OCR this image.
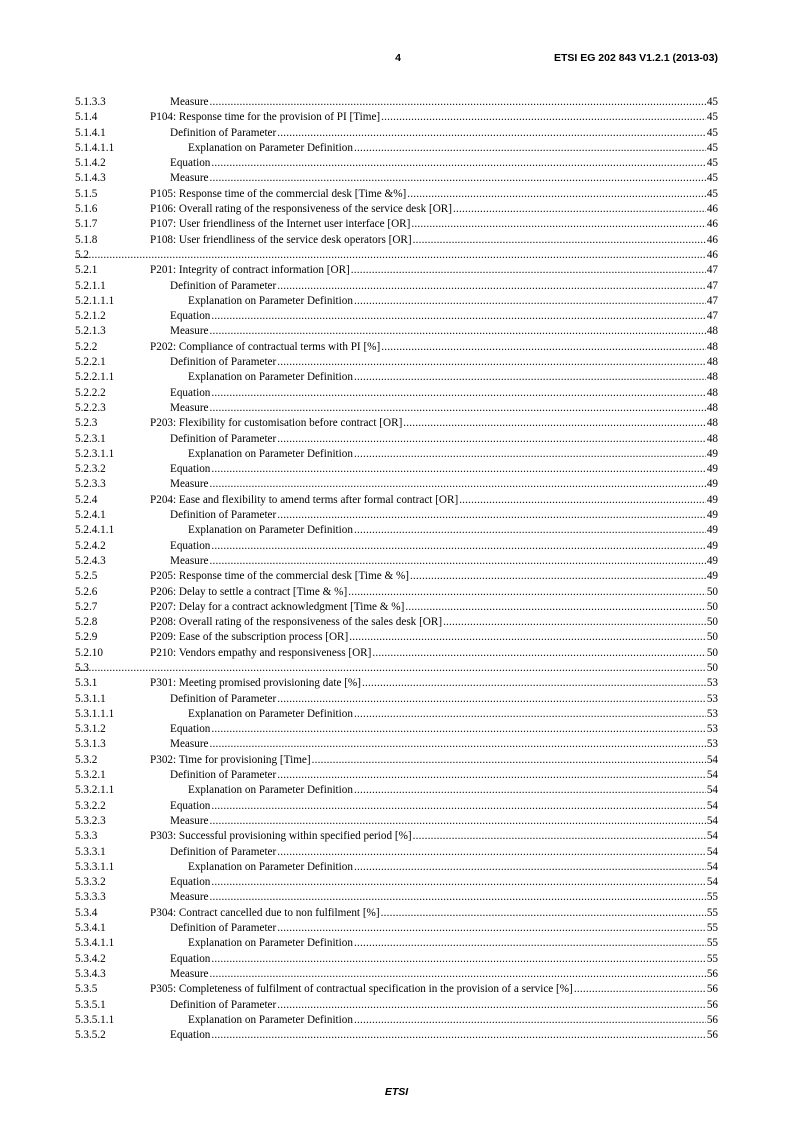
4	ETSI EG 202 843 V1.2.1 (2013-03)
5.1.3.3	Measure .....	45
5.1.4	P104: Response time for the provision of PI [Time] .....	45
5.1.4.1	Definition of Parameter .....	45
5.1.4.1.1	Explanation on Parameter Definition .....	45
5.1.4.2	Equation .....	45
5.1.4.3	Measure .....	45
5.1.5	P105: Response time of the commercial desk [Time &%] .....	45
5.1.6	P106: Overall rating of the responsiveness of the service desk [OR] .....	46
5.1.7	P107: User friendliness of the Internet user interface [OR] .....	46
5.1.8	P108: User friendliness of the service desk operators [OR] .....	46
5.2 .....	46
5.2.1	P201: Integrity of contract information [OR] .....	47
5.2.1.1	Definition of Parameter .....	47
5.2.1.1.1	Explanation on Parameter Definition .....	47
5.2.1.2	Equation .....	47
5.2.1.3	Measure .....	48
5.2.2	P202: Compliance of contractual terms with PI [%] .....	48
5.2.2.1	Definition of Parameter .....	48
5.2.2.1.1	Explanation on Parameter Definition .....	48
5.2.2.2	Equation .....	48
5.2.2.3	Measure .....	48
5.2.3	P203: Flexibility for customisation before contract [OR] .....	48
5.2.3.1	Definition of Parameter .....	48
5.2.3.1.1	Explanation on Parameter Definition .....	49
5.2.3.2	Equation .....	49
5.2.3.3	Measure .....	49
5.2.4	P204: Ease and flexibility to amend terms after formal contract [OR] .....	49
5.2.4.1	Definition of Parameter .....	49
5.2.4.1.1	Explanation on Parameter Definition .....	49
5.2.4.2	Equation .....	49
5.2.4.3	Measure .....	49
5.2.5	P205: Response time of the commercial desk [Time & %] .....	49
5.2.6	P206: Delay to settle a contract [Time & %] .....	50
5.2.7	P207: Delay for a contract acknowledgment [Time & %] .....	50
5.2.8	P208: Overall rating of the responsiveness of the sales desk [OR] .....	50
5.2.9	P209: Ease of the subscription process [OR] .....	50
5.2.10	P210: Vendors empathy and responsiveness [OR] .....	50
5.3 .....	50
5.3.1	P301: Meeting promised provisioning date [%] .....	53
5.3.1.1	Definition of Parameter .....	53
5.3.1.1.1	Explanation on Parameter Definition .....	53
5.3.1.2	Equation .....	53
5.3.1.3	Measure .....	53
5.3.2	P302: Time for provisioning [Time] .....	54
5.3.2.1	Definition of Parameter .....	54
5.3.2.1.1	Explanation on Parameter Definition .....	54
5.3.2.2	Equation .....	54
5.3.2.3	Measure .....	54
5.3.3	P303: Successful provisioning within specified period [%] .....	54
5.3.3.1	Definition of Parameter .....	54
5.3.3.1.1	Explanation on Parameter Definition .....	54
5.3.3.2	Equation .....	54
5.3.3.3	Measure .....	55
5.3.4	P304: Contract cancelled due to non fulfilment [%] .....	55
5.3.4.1	Definition of Parameter .....	55
5.3.4.1.1	Explanation on Parameter Definition .....	55
5.3.4.2	Equation .....	55
5.3.4.3	Measure .....	56
5.3.5	P305: Completeness of fulfilment of contractual specification in the provision of a service [%] .....	56
5.3.5.1	Definition of Parameter .....	56
5.3.5.1.1	Explanation on Parameter Definition .....	56
5.3.5.2	Equation .....	56
ETSI
